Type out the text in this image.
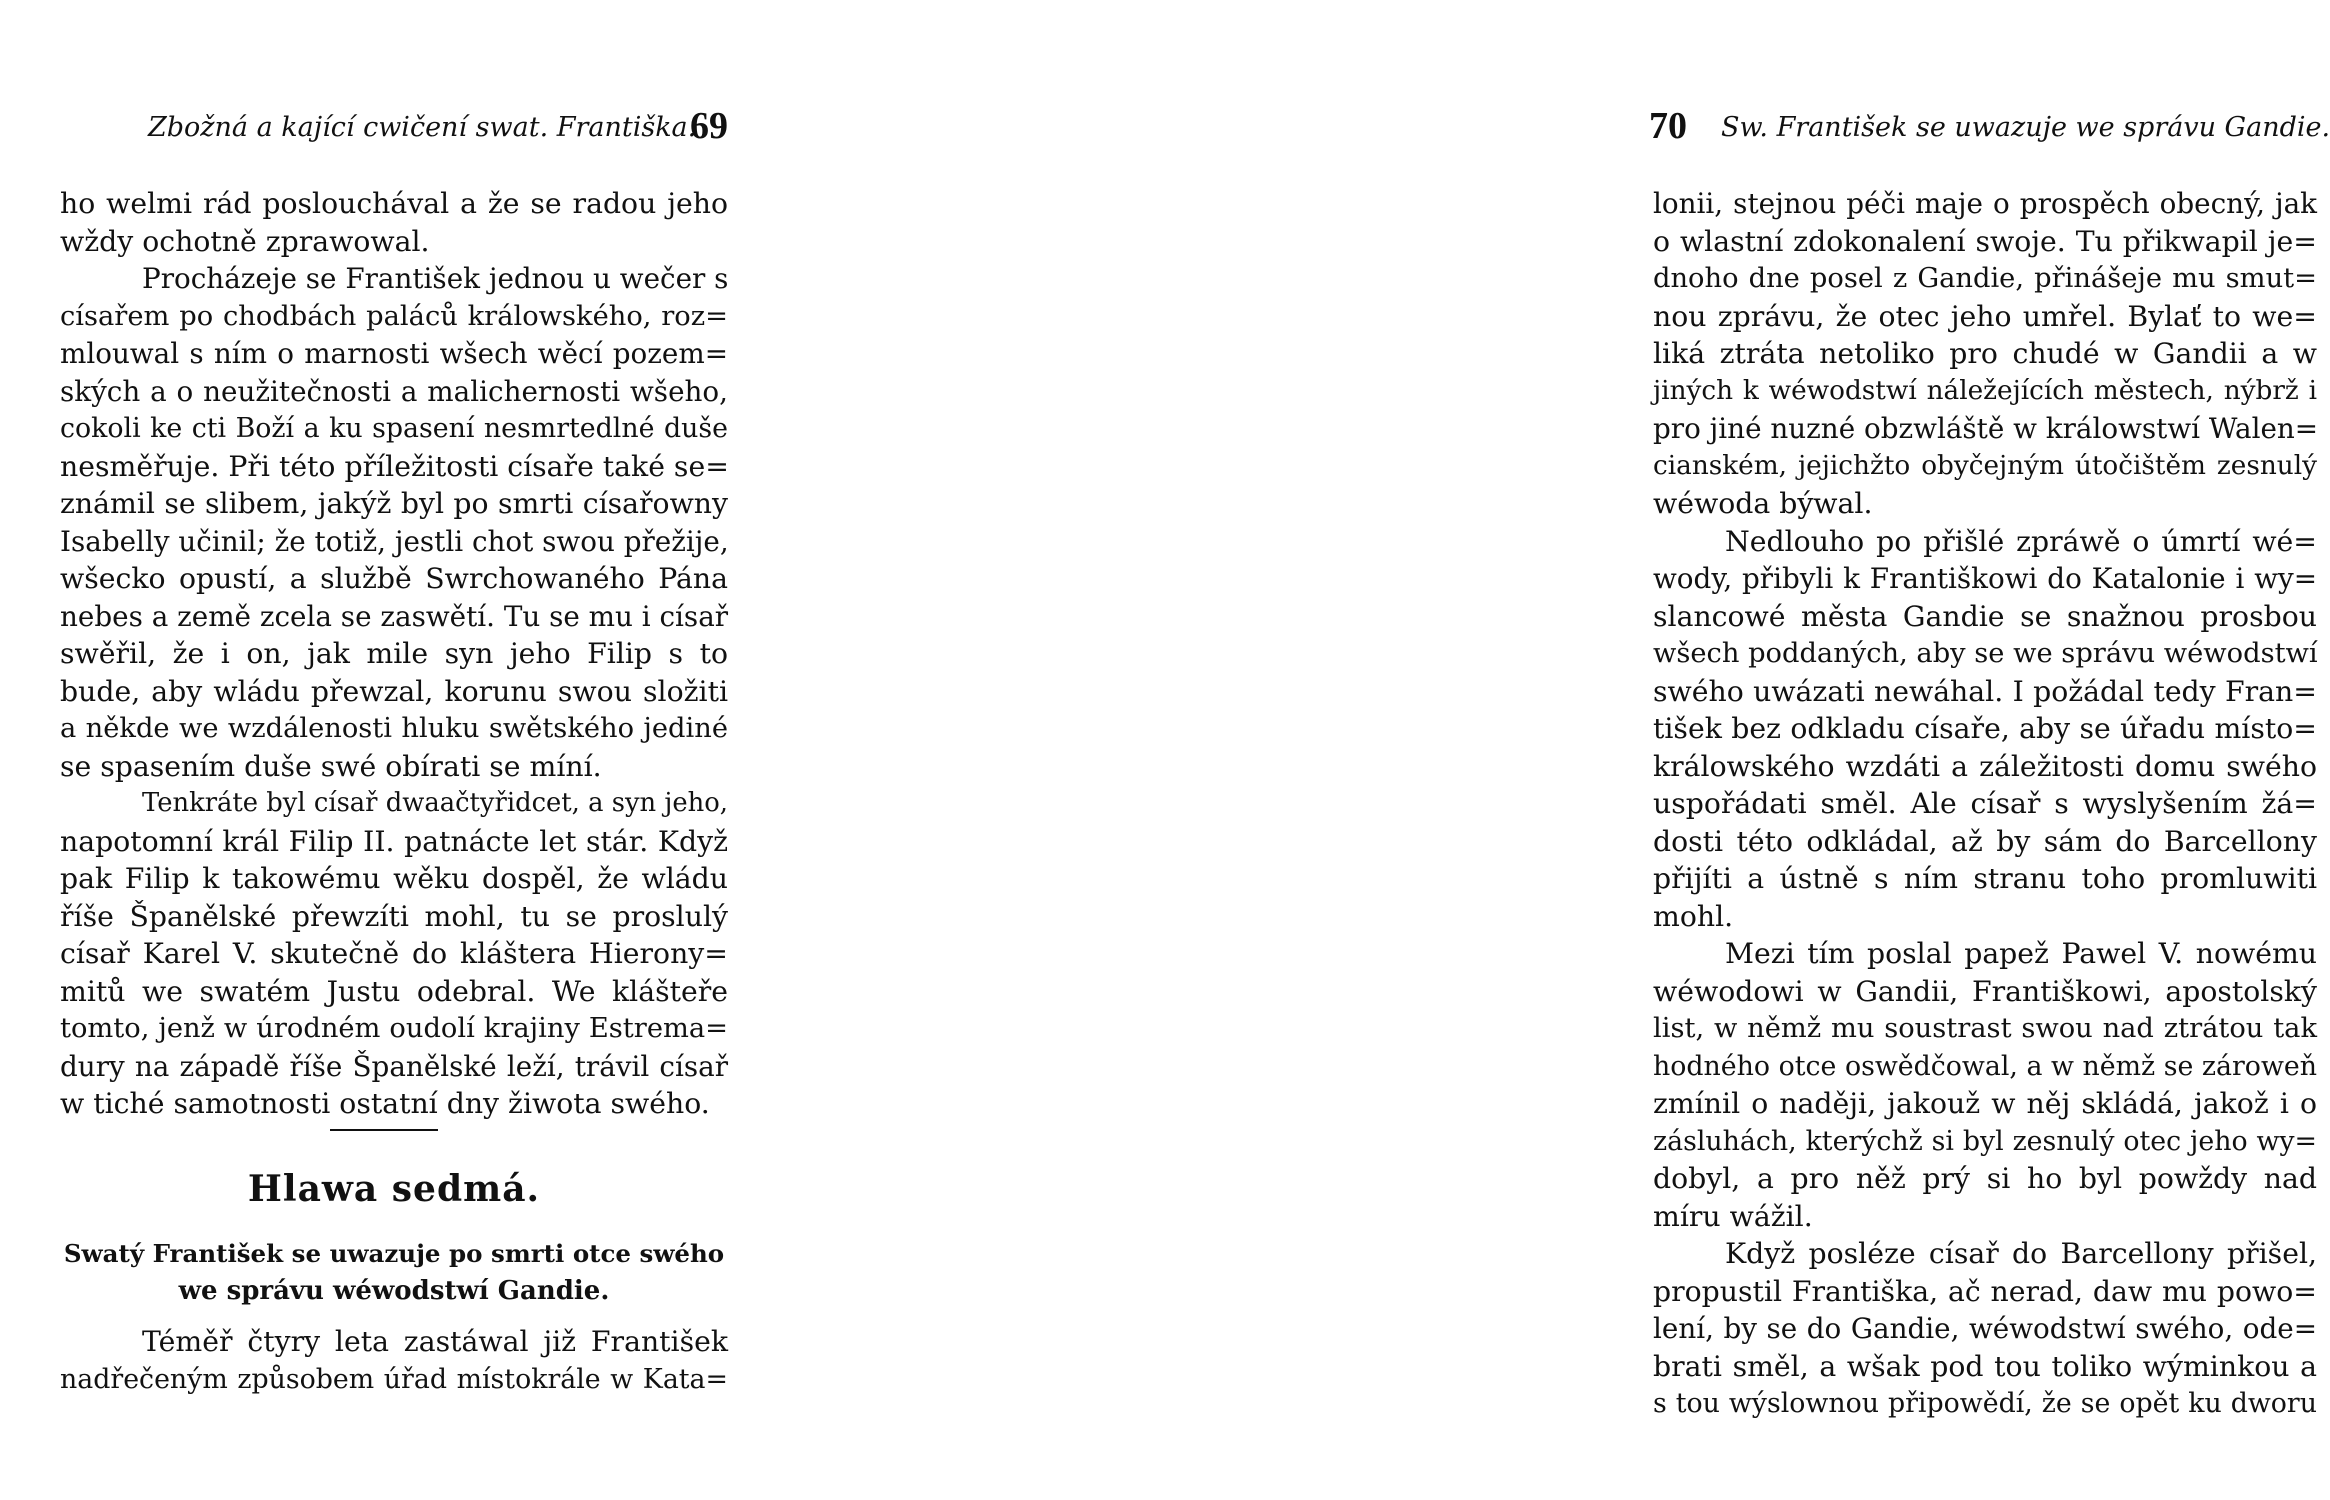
Zbožná a kající cwičení swat. Františka.
69
ho welmi rád poslouchával a že se radou jeho
wždy ochotně zprawowal.
Procházeje se František jednou u wečer s
císařem po chodbách paláců králowského, roz=
mlouwal s ním o marnosti wšech wěcí pozem=
ských a o neužitečnosti a malichernosti wšeho,
cokoli ke cti Boží a ku spasení nesmrtedlné duše
nesměřuje. Při této příležitosti císaře také se=
známil se slibem, jakýž byl po smrti císařowny
Isabelly učinil; že totiž, jestli chot swou přežije,
wšecko opustí, a službě Swrchowaného Pána
nebes a země zcela se zaswětí. Tu se mu i císař
swěřil, že i on, jak mile syn jeho Filip s to
bude, aby wládu přewzal, korunu swou složiti
a někde we wzdálenosti hluku swětského jediné
se spasením duše swé obírati se míní.
Tenkráte byl císař dwaačtyřidcet, a syn jeho,
napotomní král Filip II. patnácte let stár. Když
pak Filip k takowému wěku dospěl, že wládu
říše Španělské přewzíti mohl, tu se proslulý
císař Karel V. skutečně do kláštera Hierony=
mitů we swatém Justu odebral. We klášteře
tomto, jenž w úrodném oudolí krajiny Estrema=
dury na západě říše Španělské leží, trávil císař
w tiché samotnosti ostatní dny žiwota swého.
Hlawa sedmá.
Swatý František se uwazuje po smrti otce swého
we správu wéwodstwí Gandie.
Téměř čtyry leta zastáwal již František
nadřečeným způsobem úřad místokrále w Kata=
70 Sw. František se uwazuje we správu Gandie.
lonii, stejnou péči maje o prospěch obecný, jak
o wlastní zdokonalení swoje. Tu přikwapil je=
dnoho dne posel z Gandie, přinášeje mu smut=
nou zprávu, že otec jeho umřel. Bylať to we=
liká ztráta netoliko pro chudé w Gandii a w
jiných k wéwodstwí náležejících městech, nýbrž i
pro jiné nuzné obzwláště w králowstwí Walen=
cianském, jejichžto obyčejným útočištěm zesnulý
wéwoda býwal.
Nedlouho po přišlé zpráwě o úmrtí wé=
wody, přibyli k Františkowi do Katalonie i wy=
slancowé města Gandie se snažnou prosbou
wšech poddaných, aby se we správu wéwodstwí
swého uwázati newáhal. I požádal tedy Fran=
tišek bez odkladu císaře, aby se úřadu místo=
králowského wzdáti a záležitosti domu swého
uspořádati směl. Ale císař s wyslyšením žá=
dosti této odkládal, až by sám do Barcellony
přijíti a ústně s ním stranu toho promluwiti
mohl.
Mezi tím poslal papež Pawel V. nowému
wéwodowi w Gandii, Františkowi, apostolský
list, w němž mu soustrast swou nad ztrátou tak
hodného otce oswědčowal, a w němž se zároweň
zmínil o naději, jakouž w něj skládá, jakož i o
zásluhách, kterýchž si byl zesnulý otec jeho wy=
dobyl, a pro něž prý si ho byl powždy nad
míru wážil.
Když posléze císař do Barcellony přišel,
propustil Františka, ač nerad, daw mu powo=
lení, by se do Gandie, wéwodstwí swého, ode=
brati směl, a wšak pod tou toliko wýminkou a
s tou wýslownou připowědí, že se opět ku dworu
